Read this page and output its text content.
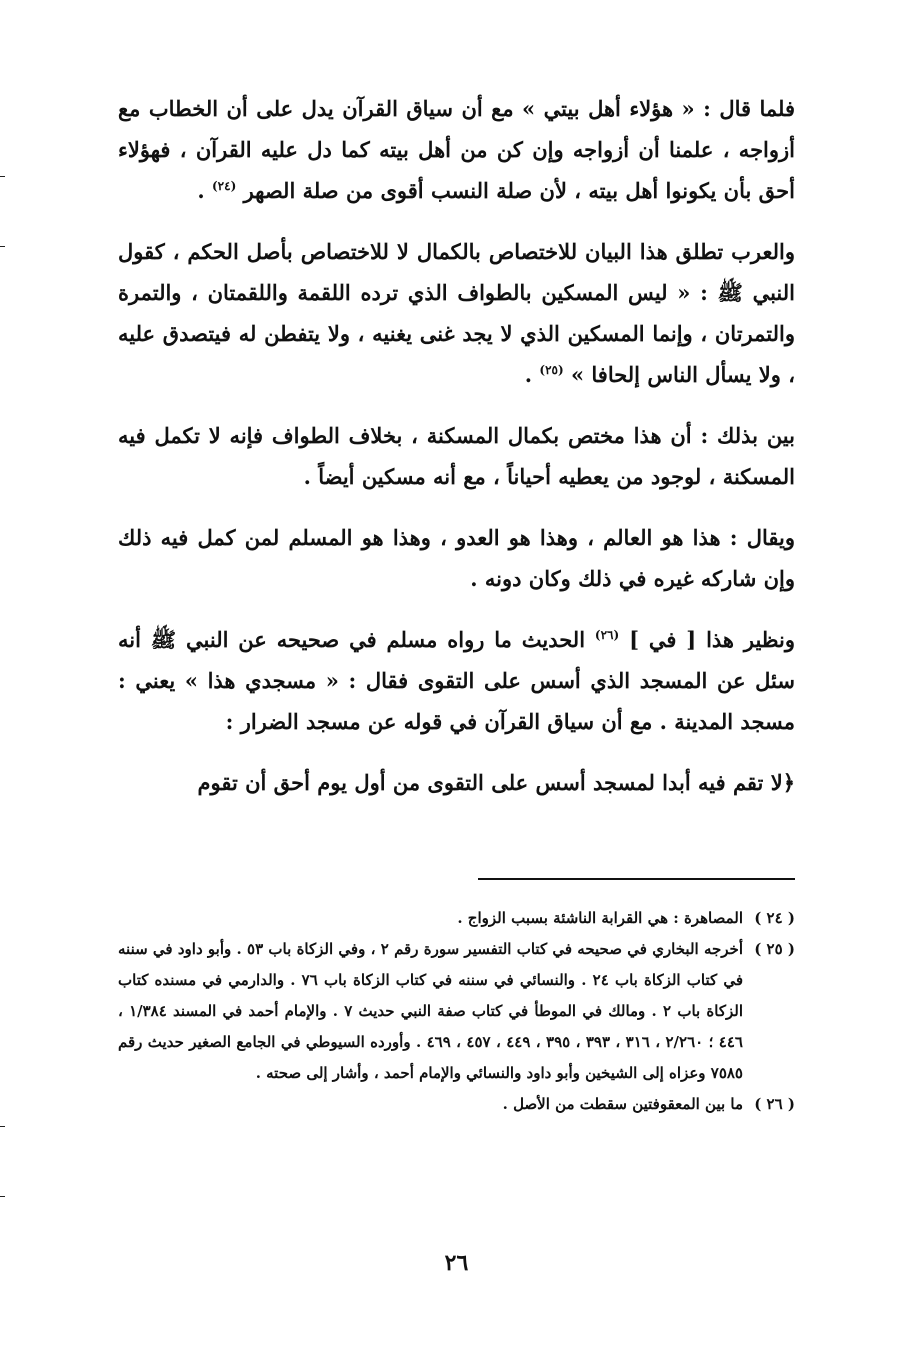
فلما قال : « هؤلاء أهل بيتي » مع أن سياق القرآن يدل على أن الخطاب مع أزواجه ، علمنا أن أزواجه وإن كن من أهل بيته كما دل عليه القرآن ، فهؤلاء أحق بأن يكونوا أهل بيته ، لأن صلة النسب أقوى من صلة الصهر $^{(٢٤)}$ .

والعرب تطلق هذا البيان للاختصاص بالكمال لا للاختصاص بأصل الحكم ، كقول النبي ﷺ : « ليس المسكين بالطواف الذي ترده اللقمة واللقمتان ، والتمرة والتمرتان ، وإنما المسكين الذي لا يجد غنى يغنيه ، ولا يتفطن له فيتصدق عليه ، ولا يسأل الناس إلحافا » $^{(٢٥)}$ .

بين بذلك : أن هذا مختص بكمال المسكنة ، بخلاف الطواف فإنه لا تكمل فيه المسكنة ، لوجود من يعطيه أحياناً ، مع أنه مسكين أيضاً .

ويقال : هذا هو العالم ، وهذا هو العدو ، وهذا هو المسلم لمن كمل فيه ذلك وإن شاركه غيره في ذلك وكان دونه .

ونظير هذا [ في ] $^{(٢٦)}$ الحديث ما رواه مسلم في صحيحه عن النبي ﷺ أنه سئل عن المسجد الذي أسس على التقوى فقال : « مسجدي هذا » يعني : مسجد المدينة . مع أن سياق القرآن في قوله عن مسجد الضرار :

﴿لا تقم فيه أبدا لمسجد أسس على التقوى من أول يوم أحق أن تقوم

( ٢٤ )
المصاهرة : هي القرابة الناشئة بسبب الزواج .
( ٢٥ )
أخرجه البخاري في صحيحه في كتاب التفسير سورة رقم ٢ ، وفي الزكاة باب ٥٣ . وأبو داود في سننه في كتاب الزكاة باب ٢٤ . والنسائي في سننه في كتاب الزكاة باب ٧٦ . والدارمي في مسنده كتاب الزكاة باب ٢ . ومالك في الموطأ في كتاب صفة النبي حديث ٧ . والإمام أحمد في المسند ١/٣٨٤ ، ٤٤٦ ؛ ٢/٢٦٠ ، ٣١٦ ، ٣٩٣ ، ٣٩٥ ، ٤٤٩ ، ٤٥٧ ، ٤٦٩ . وأورده السيوطي في الجامع الصغير حديث رقم ٧٥٨٥ وعزاه إلى الشيخين وأبو داود والنسائي والإمام أحمد ، وأشار إلى صحته .
( ٢٦ )
ما بين المعقوفتين سقطت من الأصل .
٢٦
